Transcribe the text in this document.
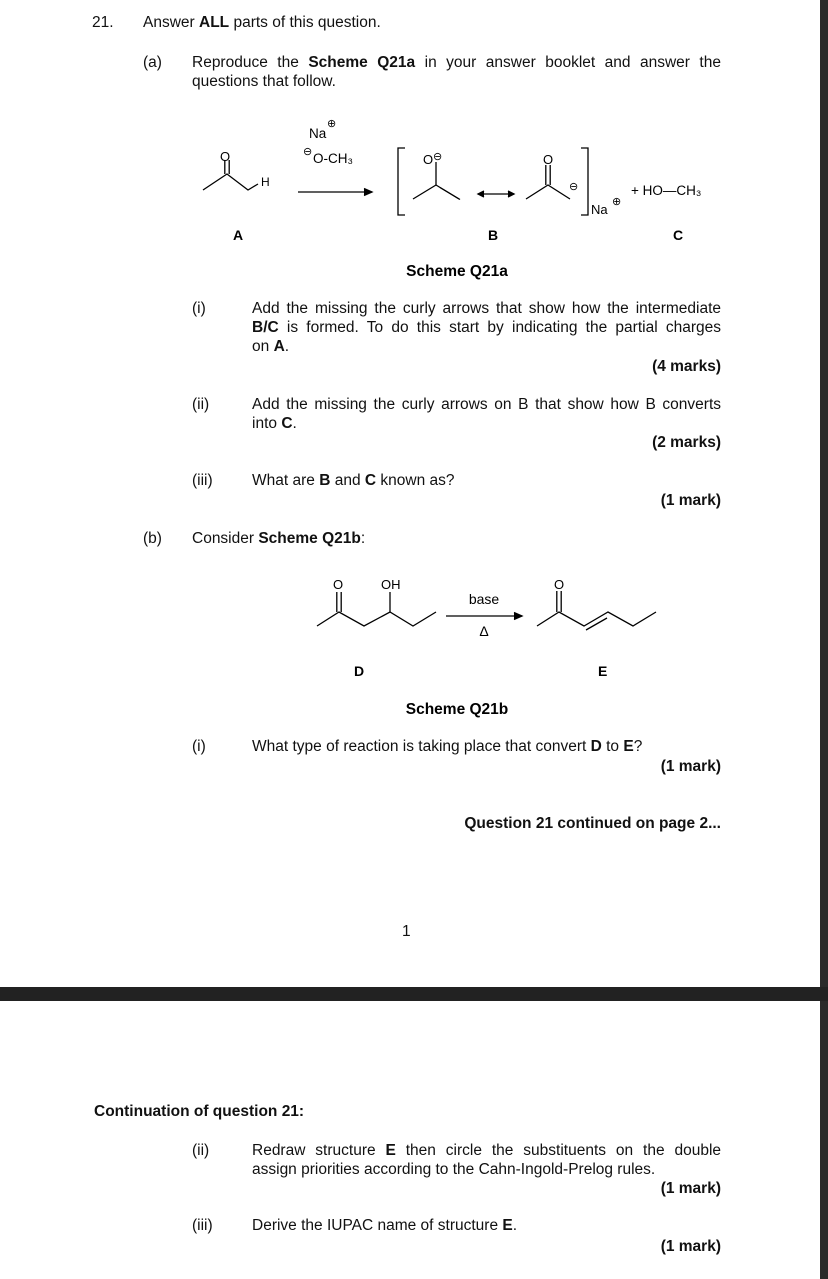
21. Answer ALL parts of this question.
(a) Reproduce the Scheme Q21a in your answer booklet and answer the
questions that follow.
Na
⊕
⊖ O-CH₃
O
H
A
O ⊖	O
⊖
Na ⊕
B
+ HO—CH₃
C
Scheme Q21a
(i)	Add the missing the curly arrows that show how the intermediate
B/C is formed. To do this start by indicating the partial charges
on A.
(4 marks)
(ii)	Add the missing the curly arrows on B that show how B converts
into C.
(2 marks)
(iii)	What are B and C known as?
(1 mark)
(b) Consider Scheme Q21b:
O	OH
base
Δ
O
D	E
Scheme Q21b
(i)	What type of reaction is taking place that convert D to E?
(1 mark)
Question 21 continued on page 2...
1
Continuation of question 21:
(ii)	Redraw structure E then circle the substituents on the double
assign priorities according to the Cahn-Ingold-Prelog rules.
(1 mark)
(iii)	Derive the IUPAC name of structure E.
(1 mark)
